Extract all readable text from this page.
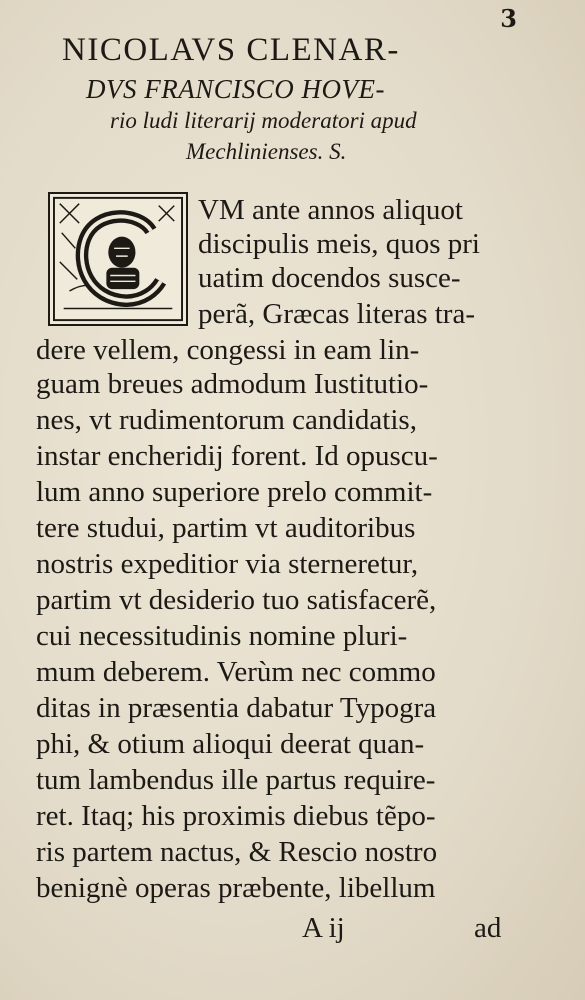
3
NICOLAVS CLENAR-
DVS FRANCISCO HOVE-
rio ludi literarij moderatori apud
Mechlinienses. S.
VM ante annos aliquot
discipulis meis, quos pri
uatim docendos susce-
perã, Græcas literas tra-
dere vellem, congessi in eam lin-
guam breues admodum Iustitutio-
nes, vt rudimentorum candidatis,
instar encheridij forent. Id opuscu-
lum anno superiore prelo commit-
tere studui, partim vt auditoribus
nostris expeditior via sterneretur,
partim vt desiderio tuo satisfacerẽ,
cui necessitudinis nomine pluri-
mum deberem. Verùm nec commo
ditas in præsentia dabatur Typogra
phi, & otium alioqui deerat quan-
tum lambendus ille partus require-
ret. Itaq; his proximis diebus tẽpo-
ris partem nactus, & Rescio nostro
benignè operas præbente, libellum
A ij	ad
